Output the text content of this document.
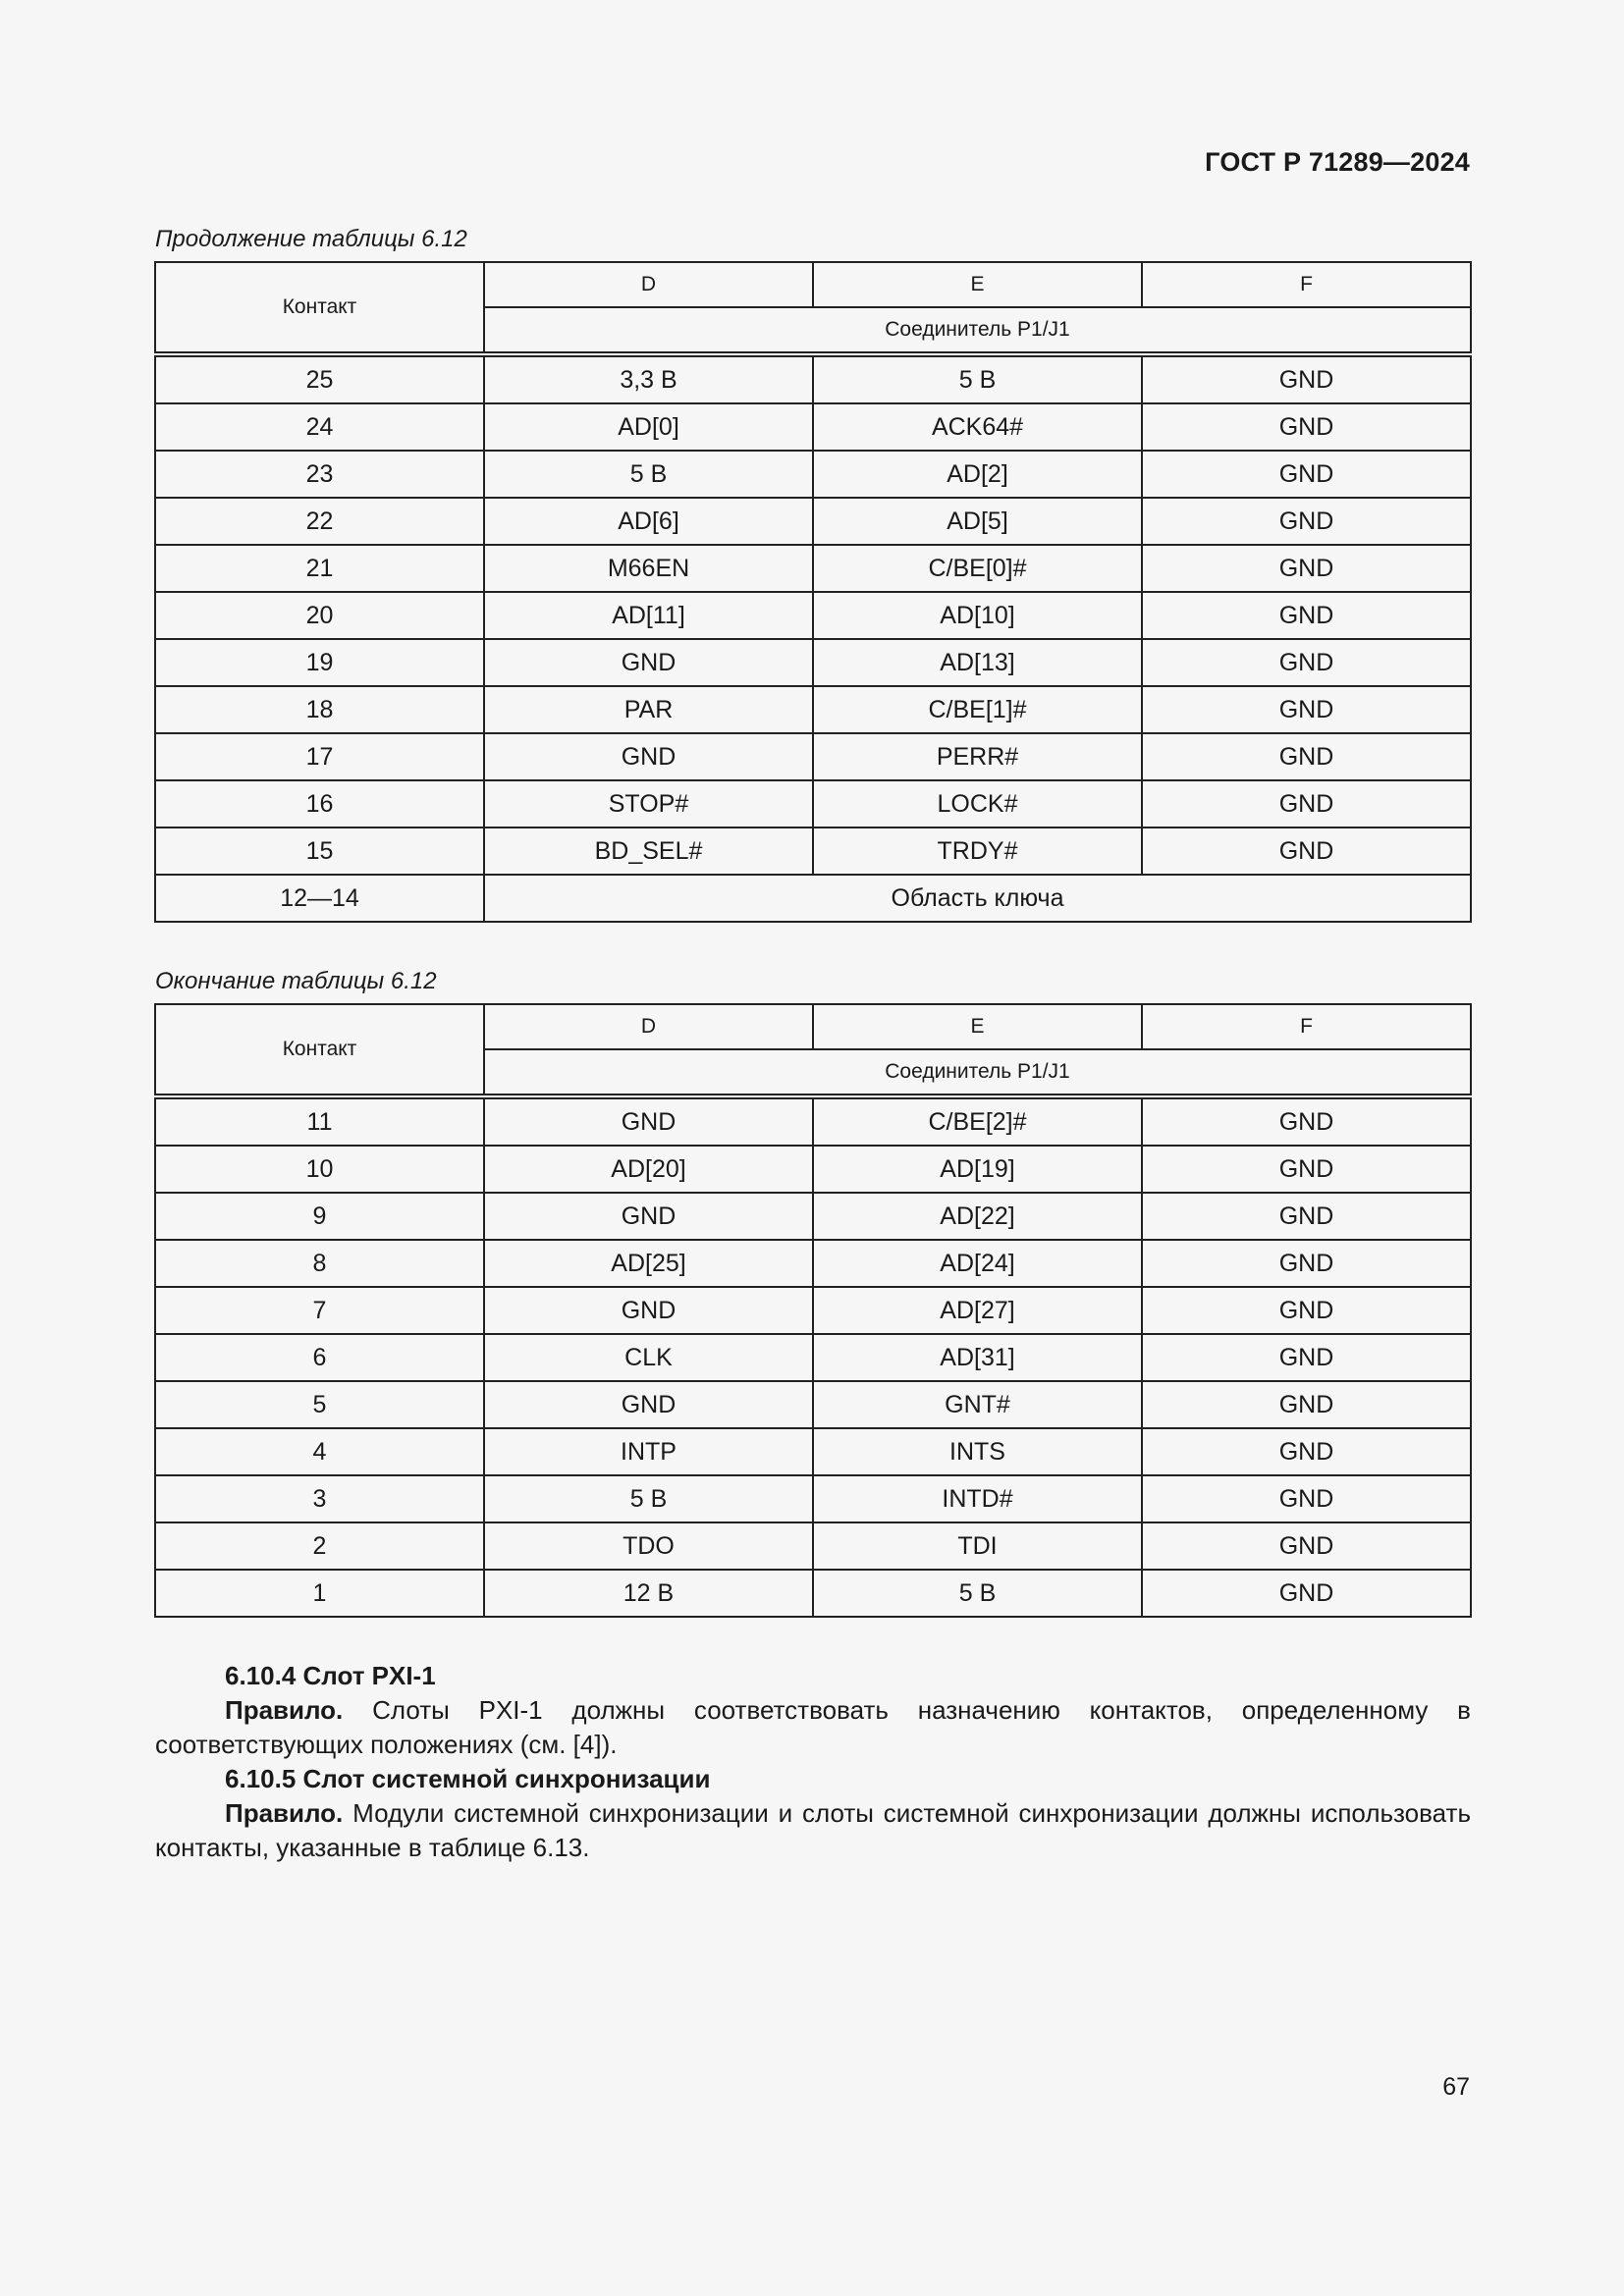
ГОСТ Р 71289—2024
Продолжение таблицы 6.12
Контакт	D	E	F
	Соединитель P1/J1		
25	3,3 В	5 В	GND
24	AD[0]	ACK64#	GND
23	5 В	AD[2]	GND
22	AD[6]	AD[5]	GND
21	M66EN	C/BE[0]#	GND
20	AD[11]	AD[10]	GND
19	GND	AD[13]	GND
18	PAR	C/BE[1]#	GND
17	GND	PERR#	GND
16	STOP#	LOCK#	GND
15	BD_SEL#	TRDY#	GND
12—14	Область ключа		
Окончание таблицы 6.12
Контакт	D	E	F
	Соединитель P1/J1		
11	GND	C/BE[2]#	GND
10	AD[20]	AD[19]	GND
9	GND	AD[22]	GND
8	AD[25]	AD[24]	GND
7	GND	AD[27]	GND
6	CLK	AD[31]	GND
5	GND	GNT#	GND
4	INTP	INTS	GND
3	5 В	INTD#	GND
2	TDO	TDI	GND
1	12 В	5 В	GND

6.10.4 Слот PXI-1

Правило. Слоты PXI-1 должны соответствовать назначению контактов, определенному в соответствующих положениях (см. [4]).

6.10.5 Слот системной синхронизации

Правило. Модули системной синхронизации и слоты системной синхронизации должны использовать контакты, указанные в таблице 6.13.

67
